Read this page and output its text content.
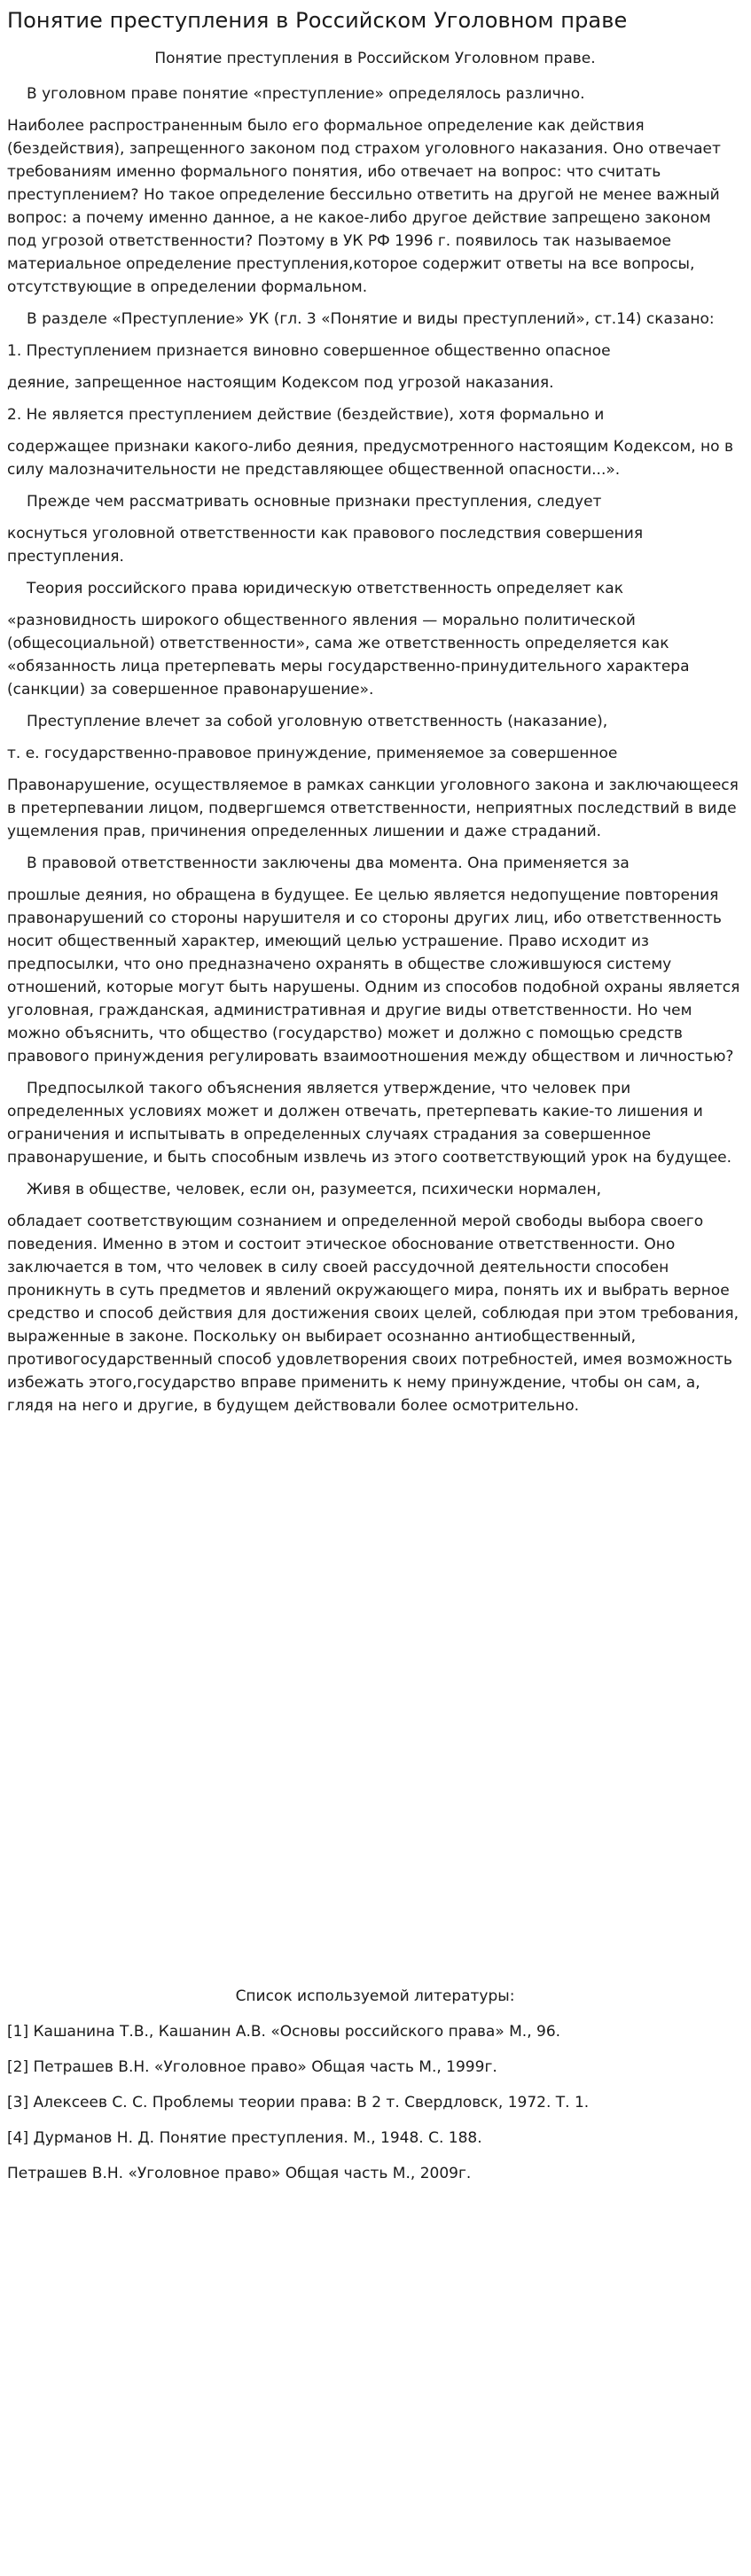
Понятие преступления в Российском Уголовном праве
Понятие преступления в Российском Уголовном праве.

В уголовном праве понятие «преступление» определялось различно.

Наиболее распространенным было его формальное определение как действия (бездействия), запрещенного законом под страхом уголовного наказания. Оно отвечает требованиям именно формального понятия, ибо отвечает на вопрос: что считать преступлением? Но такое определение бессильно ответить на другой не менее важный вопрос: а почему именно данное, а не какое-либо другое действие запрещено законом под угрозой ответственности? Поэтому в УК РФ 1996 г. появилось так называемое материальное определение преступления,которое содержит ответы на все вопросы, отсутствующие в определении формальном.

В разделе «Преступление» УК (гл. 3 «Понятие и виды преступлений», ст.14) сказано:

1. Преступлением признается виновно совершенное общественно опасное

деяние, запрещенное настоящим Кодексом под угрозой наказания.

2. Не является преступлением действие (бездействие), хотя формально и

содержащее признаки какого-либо деяния, предусмотренного настоящим Кодексом, но в силу малозначительности не представляющее общественной опасности...».

Прежде чем рассматривать основные признаки преступления, следует

коснуться уголовной ответственности как правового последствия совершения преступления.

Теория российского права юридическую ответственность определяет как

«разновидность широкого общественного явления — морально политической (общесоциальной) ответственности», сама же ответственность определяется как «обязанность лица претерпевать меры государственно-принудительного характера (санкции) за совершенное правонарушение».

Преступление влечет за собой уголовную ответственность (наказание),

т. е. государственно-правовое принуждение, применяемое за совершенное

Правонарушение, осуществляемое в рамках санкции уголовного закона и заключающееся в претерпевании лицом, подвергшемся ответственности, неприятных последствий в виде ущемления прав, причинения определенных лишении и даже страданий.

В правовой ответственности заключены два момента. Она применяется за

прошлые деяния, но обращена в будущее. Ее целью является недопущение повторения правонарушений со стороны нарушителя и со стороны других лиц, ибо ответственность носит общественный характер, имеющий целью устрашение. Право исходит из предпосылки, что оно предназначено охранять в обществе сложившуюся систему отношений, которые могут быть нарушены. Одним из способов подобной охраны является уголовная, гражданская, административная и другие виды ответственности. Но чем можно объяснить, что общество (государство) может и должно с помощью средств правового принуждения регулировать взаимоотношения между обществом и личностью?

Предпосылкой такого объяснения является утверждение, что человек при определенных условиях может и должен отвечать, претерпевать какие-то лишения и ограничения и испытывать в определенных случаях страдания за совершенное правонарушение, и быть способным извлечь из этого соответствующий урок на будущее.

Живя в обществе, человек, если он, разумеется, психически нормален,

обладает соответствующим сознанием и определенной мерой свободы выбора своего поведения. Именно в этом и состоит этическое обоснование ответственности. Оно заключается в том, что человек в силу своей рассудочной деятельности способен проникнуть в суть предметов и явлений окружающего мира, понять их и выбрать верное средство и способ действия для достижения своих целей, соблюдая при этом требования, выраженные в законе. Поскольку он выбирает осознанно антиобщественный, противогосударственный способ удовлетворения своих потребностей, имея возможность избежать этого,государство вправе применить к нему принуждение, чтобы он сам, а, глядя на него и другие, в будущем действовали более осмотрительно.

Список используемой литературы:
[1] Кашанина Т.В., Кашанин А.В. «Основы российского права» М., 96.
[2] Петрашев В.Н. «Уголовное право» Общая часть М., 1999г.
[3] Алексеев С. С. Проблемы теории права: В 2 т. Свердловск, 1972. Т. 1.
[4] Дурманов Н. Д. Понятие преступления. М., 1948. С. 188.
Петрашев В.Н. «Уголовное право» Общая часть М., 2009г.
